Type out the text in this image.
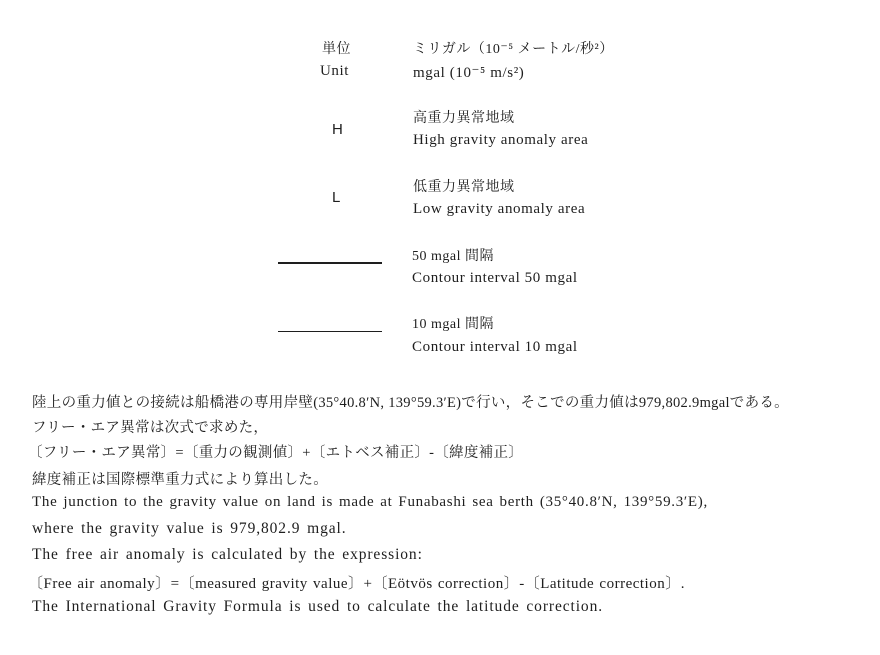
単位
Unit
ミリガル（10⁻⁵ メートル/秒²）
mgal (10⁻⁵ m/s²)
H
高重力異常地域
High gravity anomaly area
L
低重力異常地域
Low gravity anomaly area
50 mgal 間隔
Contour interval 50 mgal
10 mgal 間隔
Contour interval 10 mgal
陸上の重力値との接続は船橋港の専用岸壁(35°40.8′N, 139°59.3′E)で行い，そこでの重力値は979,802.9mgalである。
フリー・エア異常は次式で求めた，
〔フリー・エア異常〕=〔重力の観測値〕+〔エトベス補正〕-〔緯度補正〕
緯度補正は国際標準重力式により算出した。
The junction to the gravity value on land is made at Funabashi sea berth (35°40.8′N, 139°59.3′E),
where the gravity value is 979,802.9 mgal.
The free air anomaly is calculated by the expression:
〔Free air anomaly〕=〔measured gravity value〕+〔Eötvös correction〕-〔Latitude correction〕.
The International Gravity Formula is used to calculate the latitude correction.
